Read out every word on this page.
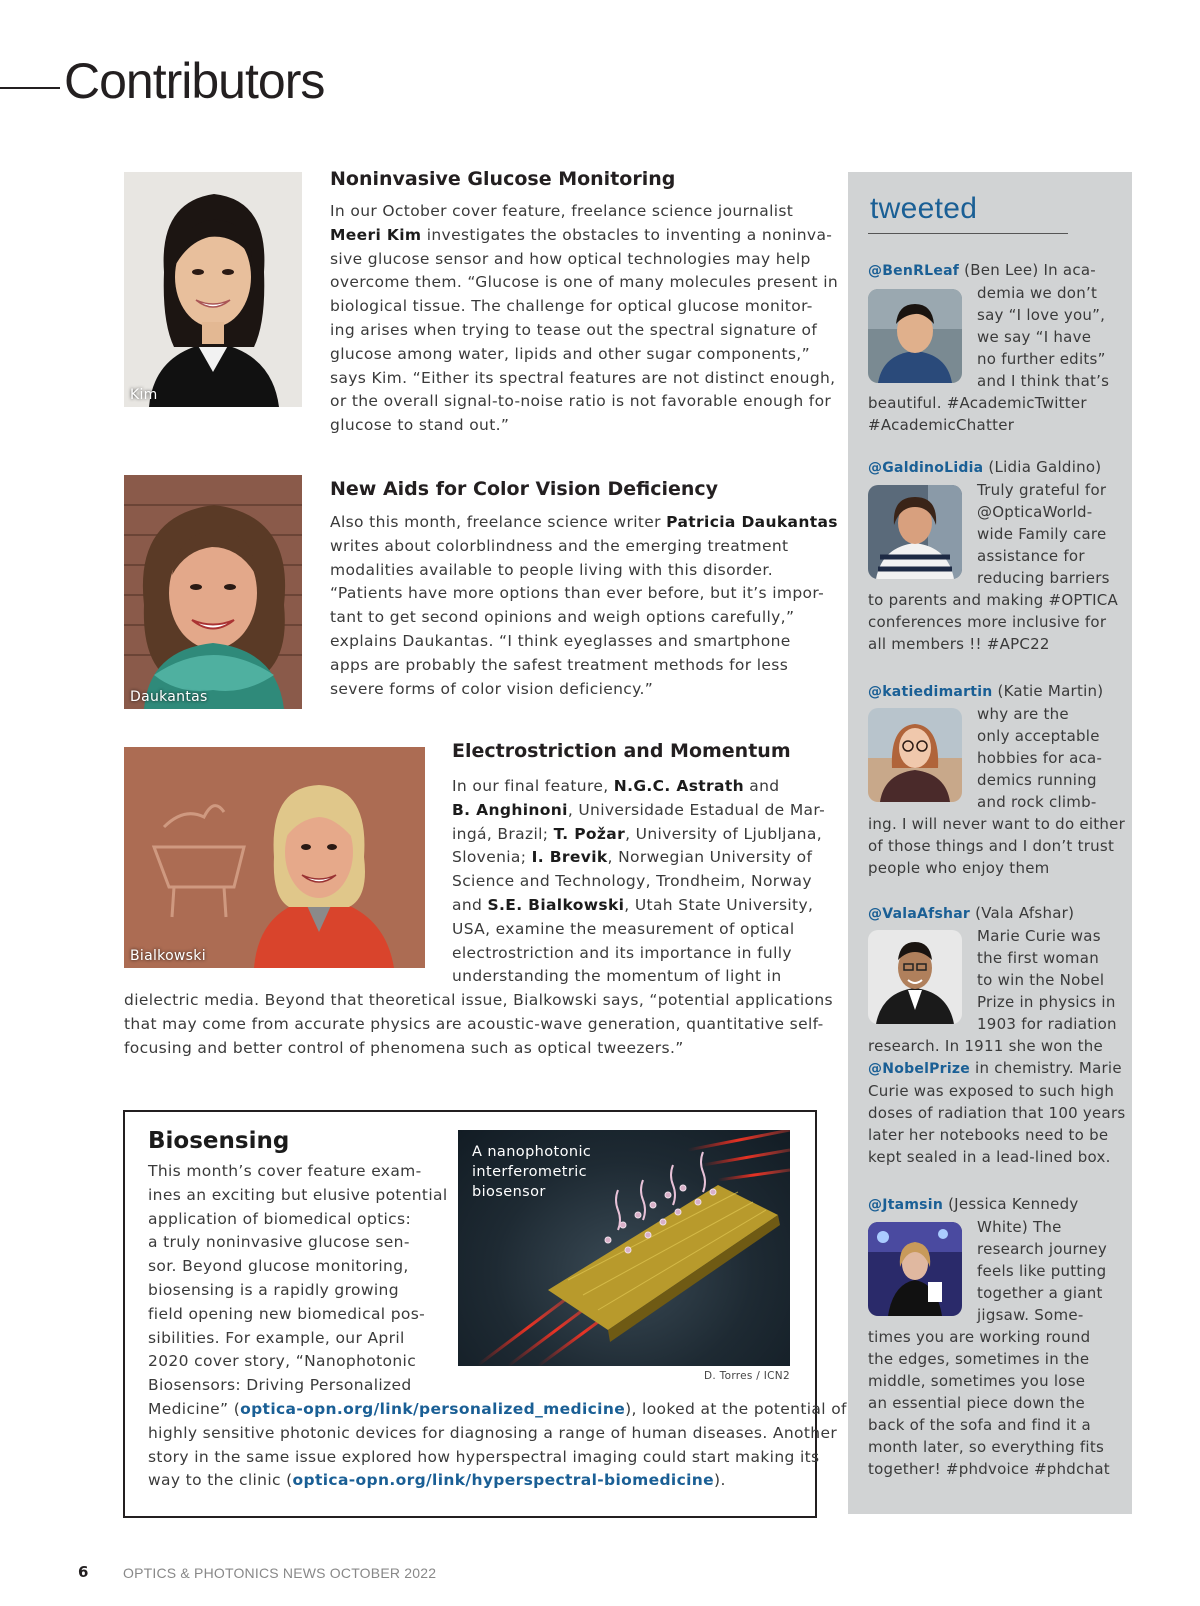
Contributors
Kim
Noninvasive Glucose Monitoring
In our October cover feature, freelance science journalist
Meeri Kim investigates the obstacles to inventing a noninva-
sive glucose sensor and how optical technologies may help
overcome them. “Glucose is one of many molecules present in
biological tissue. The challenge for optical glucose monitor-
ing arises when trying to tease out the spectral signature of
glucose among water, lipids and other sugar components,”
says Kim. “Either its spectral features are not distinct enough,
or the overall signal-to-noise ratio is not favorable enough for
glucose to stand out.”
Daukantas
New Aids for Color Vision Deficiency
Also this month, freelance science writer Patricia Daukantas
writes about colorblindness and the emerging treatment
modalities available to people living with this disorder.
“Patients have more options than ever before, but it’s impor-
tant to get second opinions and weigh options carefully,”
explains Daukantas. “I think eyeglasses and smartphone
apps are probably the safest treatment methods for less
severe forms of color vision deficiency.”
Bialkowski
Electrostriction and Momentum
In our final feature, N.G.C. Astrath and
B. Anghinoni, Universidade Estadual de Mar-
ingá, Brazil; T. Požar, University of Ljubljana,
Slovenia; I. Brevik, Norwegian University of
Science and Technology, Trondheim, Norway
and S.E. Bialkowski, Utah State University,
USA, examine the measurement of optical
electrostriction and its importance in fully
understanding the momentum of light in
dielectric media. Beyond that theoretical issue, Bialkowski says, “potential applications
that may come from accurate physics are acoustic-wave generation, quantitative self-
focusing and better control of phenomena such as optical tweezers.”
Biosensing
This month’s cover feature exam-
ines an exciting but elusive potential
application of biomedical optics:
a truly noninvasive glucose sen-
sor. Beyond glucose monitoring,
biosensing is a rapidly growing
field opening new biomedical pos-
sibilities. For example, our April
2020 cover story, “Nanophotonic
Biosensors: Driving Personalized
Medicine” (optica-opn.org/link/personalized_medicine), looked at the potential of
highly sensitive photonic devices for diagnosing a range of human diseases. Another
story in the same issue explored how hyperspectral imaging could start making its
way to the clinic (optica-opn.org/link/hyperspectral-biomedicine).
A nanophotonic
interferometric
biosensor
D. Torres / ICN2
tweeted
@BenRLeaf (Ben Lee) In aca-
demia we don’t
say “I love you”,
we say “I have
no further edits”
and I think that’s
beautiful. #AcademicTwitter
#AcademicChatter
@GaldinoLidia (Lidia Galdino)
Truly grateful for
@OpticaWorld-
wide Family care
assistance for
reducing barriers
to parents and making #OPTICA
conferences more inclusive for
all members !! #APC22
@katiedimartin (Katie Martin)
why are the
only acceptable
hobbies for aca-
demics running
and rock climb-
ing. I will never want to do either
of those things and I don’t trust
people who enjoy them
@ValaAfshar (Vala Afshar)
Marie Curie was
the first woman
to win the Nobel
Prize in physics in
1903 for radiation
research. In 1911 she won the
@NobelPrize in chemistry. Marie
Curie was exposed to such high
doses of radiation that 100 years
later her notebooks need to be
kept sealed in a lead-lined box.
@Jtamsin (Jessica Kennedy
White) The
research journey
feels like putting
together a giant
jigsaw. Some-
times you are working round
the edges, sometimes in the
middle, sometimes you lose
an essential piece down the
back of the sofa and find it a
month later, so everything fits
together! #phdvoice #phdchat
6 OPTICS & PHOTONICS NEWS OCTOBER 2022
